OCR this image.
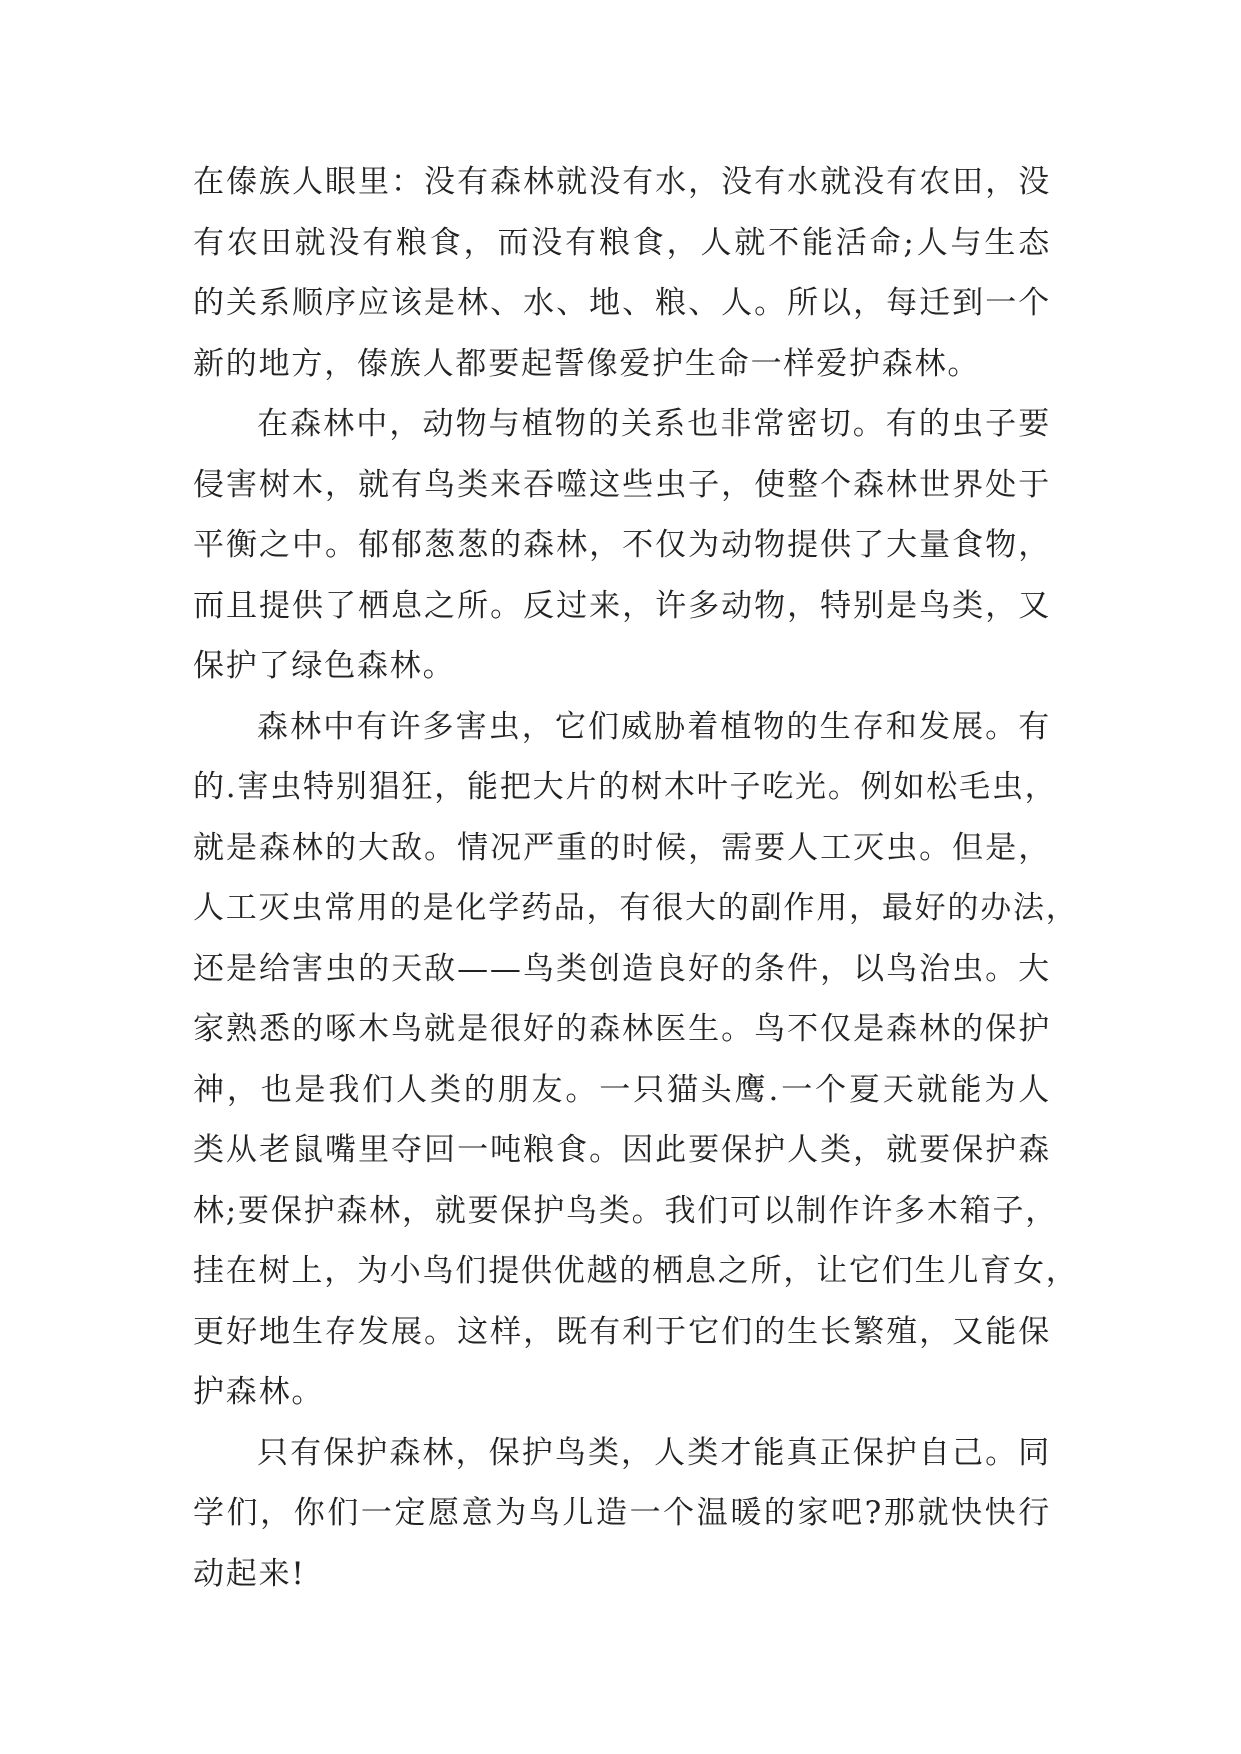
在傣族人眼里：没有森林就没有水，没有水就没有农田，没
有农田就没有粮食，而没有粮食，人就不能活命;人与生态
的关系顺序应该是林、水、地、粮、人。所以，每迁到一个
新的地方，傣族人都要起誓像爱护生命一样爱护森林。

在森林中，动物与植物的关系也非常密切。有的虫子要
侵害树木，就有鸟类来吞噬这些虫子，使整个森林世界处于
平衡之中。郁郁葱葱的森林，不仅为动物提供了大量食物，
而且提供了栖息之所。反过来，许多动物，特别是鸟类，又
保护了绿色森林。

森林中有许多害虫，它们威胁着植物的生存和发展。有
的.害虫特别猖狂，能把大片的树木叶子吃光。例如松毛虫，
就是森林的大敌。情况严重的时候，需要人工灭虫。但是，
人工灭虫常用的是化学药品，有很大的副作用，最好的办法，
还是给害虫的天敌——鸟类创造良好的条件，以鸟治虫。大
家熟悉的啄木鸟就是很好的森林医生。鸟不仅是森林的保护
神，也是我们人类的朋友。一只猫头鹰.一个夏天就能为人
类从老鼠嘴里夺回一吨粮食。因此要保护人类，就要保护森
林;要保护森林，就要保护鸟类。我们可以制作许多木箱子，
挂在树上，为小鸟们提供优越的栖息之所，让它们生儿育女，
更好地生存发展。这样，既有利于它们的生长繁殖，又能保
护森林。

只有保护森林，保护鸟类，人类才能真正保护自己。同
学们，你们一定愿意为鸟儿造一个温暖的家吧?那就快快行
动起来!
